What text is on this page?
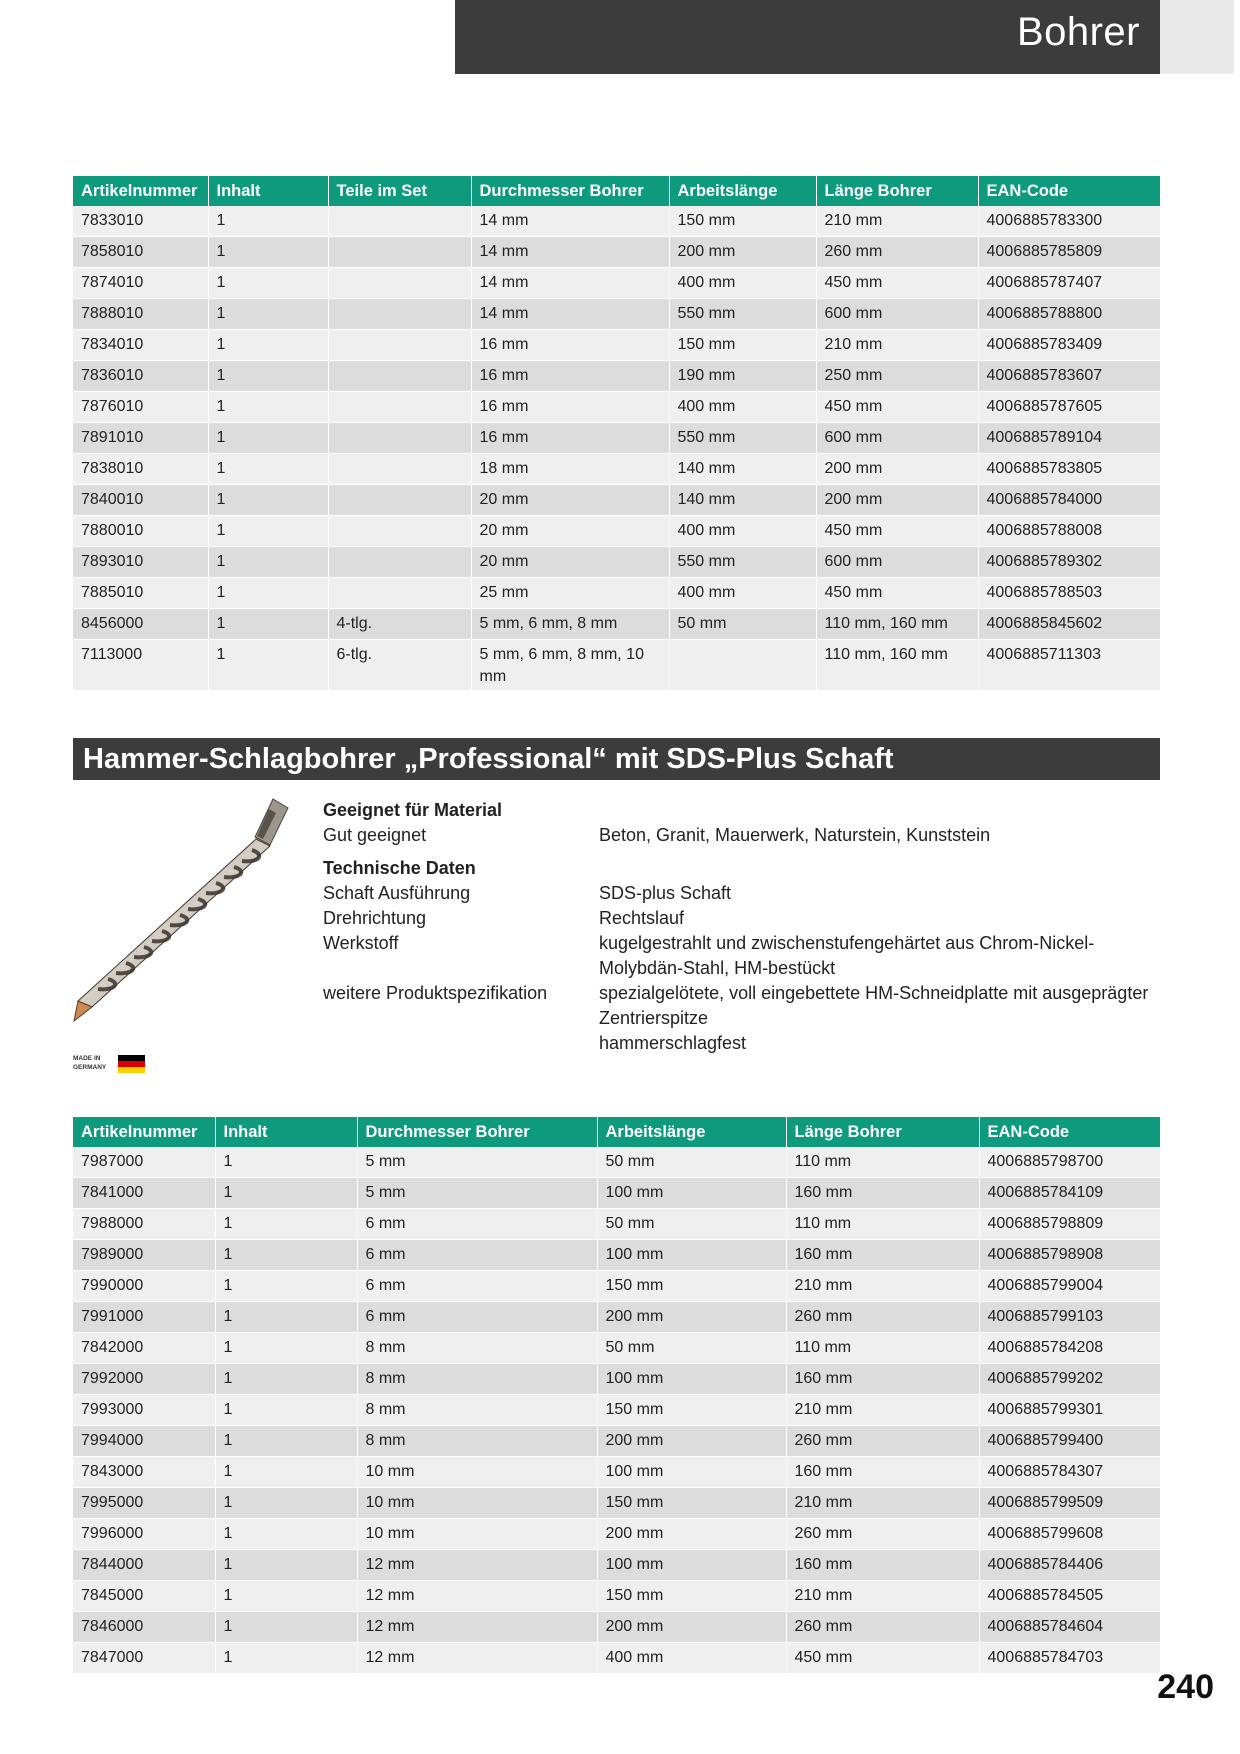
Bohrer
Artikelnummer	Inhalt	Teile im Set	Durchmesser Bohrer	Arbeitslänge	Länge Bohrer	EAN-Code
7833010	1		14 mm	150 mm	210 mm	4006885783300
7858010	1		14 mm	200 mm	260 mm	4006885785809
7874010	1		14 mm	400 mm	450 mm	4006885787407
7888010	1		14 mm	550 mm	600 mm	4006885788800
7834010	1		16 mm	150 mm	210 mm	4006885783409
7836010	1		16 mm	190 mm	250 mm	4006885783607
7876010	1		16 mm	400 mm	450 mm	4006885787605
7891010	1		16 mm	550 mm	600 mm	4006885789104
7838010	1		18 mm	140 mm	200 mm	4006885783805
7840010	1		20 mm	140 mm	200 mm	4006885784000
7880010	1		20 mm	400 mm	450 mm	4006885788008
7893010	1		20 mm	550 mm	600 mm	4006885789302
7885010	1		25 mm	400 mm	450 mm	4006885788503
8456000	1	4-tlg.	5 mm, 6 mm, 8 mm	50 mm	110 mm, 160 mm	4006885845602
7113000	1	6-tlg.	5 mm, 6 mm, 8 mm, 10 mm		110 mm, 160 mm	4006885711303
Hammer-Schlagbohrer „Professional“ mit SDS-Plus Schaft
MADE IN GERMANY
Geeignet für Material
Gut geeignet	Beton, Granit, Mauerwerk, Naturstein, Kunststein
Technische Daten
Schaft Ausführung	SDS-plus Schaft
Drehrichtung	Rechtslauf
Werkstoff	kugelgestrahlt und zwischenstufengehärtet aus Chrom-Nickel-Molybdän-Stahl, HM-bestückt
weitere Produktspezifikation	spezialgelötete, voll eingebettete HM-Schneidplatte mit ausgeprägter Zentrierspitze
hammerschlagfest
Artikelnummer	Inhalt	Durchmesser Bohrer	Arbeitslänge	Länge Bohrer	EAN-Code
7987000	1	5 mm	50 mm	110 mm	4006885798700
7841000	1	5 mm	100 mm	160 mm	4006885784109
7988000	1	6 mm	50 mm	110 mm	4006885798809
7989000	1	6 mm	100 mm	160 mm	4006885798908
7990000	1	6 mm	150 mm	210 mm	4006885799004
7991000	1	6 mm	200 mm	260 mm	4006885799103
7842000	1	8 mm	50 mm	110 mm	4006885784208
7992000	1	8 mm	100 mm	160 mm	4006885799202
7993000	1	8 mm	150 mm	210 mm	4006885799301
7994000	1	8 mm	200 mm	260 mm	4006885799400
7843000	1	10 mm	100 mm	160 mm	4006885784307
7995000	1	10 mm	150 mm	210 mm	4006885799509
7996000	1	10 mm	200 mm	260 mm	4006885799608
7844000	1	12 mm	100 mm	160 mm	4006885784406
7845000	1	12 mm	150 mm	210 mm	4006885784505
7846000	1	12 mm	200 mm	260 mm	4006885784604
7847000	1	12 mm	400 mm	450 mm	4006885784703
240
